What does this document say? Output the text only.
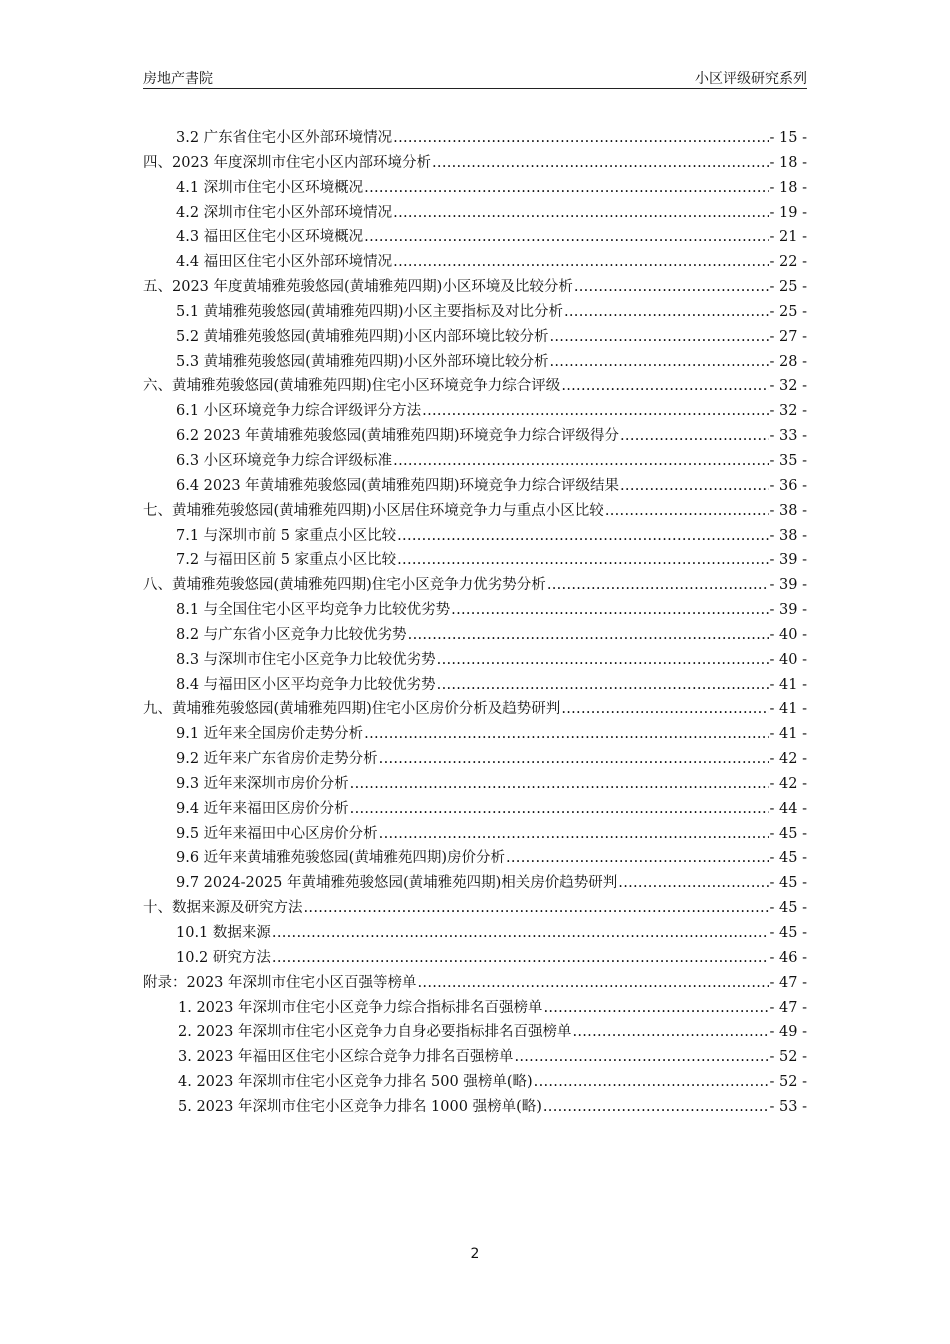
房地产書院	小区评级研究系列
3.2 广东省住宅小区外部环境情况 .....	- 15 -
四、2023 年度深圳市住宅小区内部环境分析 .....	- 18 -
4.1 深圳市住宅小区环境概况 .....	- 18 -
4.2 深圳市住宅小区外部环境情况 .....	- 19 -
4.3 福田区住宅小区环境概况 .....	- 21 -
4.4 福田区住宅小区外部环境情况 .....	- 22 -
五、2023 年度黄埔雅苑骏悠园(黄埔雅苑四期)小区环境及比较分析 .....	- 25 -
5.1 黄埔雅苑骏悠园(黄埔雅苑四期)小区主要指标及对比分析 .....	- 25 -
5.2 黄埔雅苑骏悠园(黄埔雅苑四期)小区内部环境比较分析 .....	- 27 -
5.3 黄埔雅苑骏悠园(黄埔雅苑四期)小区外部环境比较分析 .....	- 28 -
六、黄埔雅苑骏悠园(黄埔雅苑四期)住宅小区环境竞争力综合评级 .....	- 32 -
6.1 小区环境竞争力综合评级评分方法 .....	- 32 -
6.2 2023 年黄埔雅苑骏悠园(黄埔雅苑四期)环境竞争力综合评级得分 .....	- 33 -
6.3 小区环境竞争力综合评级标准 .....	- 35 -
6.4 2023 年黄埔雅苑骏悠园(黄埔雅苑四期)环境竞争力综合评级结果 .....	- 36 -
七、黄埔雅苑骏悠园(黄埔雅苑四期)小区居住环境竞争力与重点小区比较 .....	- 38 -
7.1 与深圳市前 5 家重点小区比较 .....	- 38 -
7.2 与福田区前 5 家重点小区比较 .....	- 39 -
八、黄埔雅苑骏悠园(黄埔雅苑四期)住宅小区竞争力优劣势分析 .....	- 39 -
8.1 与全国住宅小区平均竞争力比较优劣势 .....	- 39 -
8.2 与广东省小区竞争力比较优劣势 .....	- 40 -
8.3 与深圳市住宅小区竞争力比较优劣势 .....	- 40 -
8.4 与福田区小区平均竞争力比较优劣势 .....	- 41 -
九、黄埔雅苑骏悠园(黄埔雅苑四期)住宅小区房价分析及趋势研判 .....	- 41 -
9.1 近年来全国房价走势分析 .....	- 41 -
9.2 近年来广东省房价走势分析 .....	- 42 -
9.3 近年来深圳市房价分析 .....	- 42 -
9.4 近年来福田区房价分析 .....	- 44 -
9.5 近年来福田中心区房价分析 .....	- 45 -
9.6 近年来黄埔雅苑骏悠园(黄埔雅苑四期)房价分析 .....	- 45 -
9.7 2024-2025 年黄埔雅苑骏悠园(黄埔雅苑四期)相关房价趋势研判 .....	- 45 -
十、数据来源及研究方法 .....	- 45 -
10.1 数据来源 .....	- 45 -
10.2 研究方法 .....	- 46 -
附录：2023 年深圳市住宅小区百强等榜单 .....	- 47 -
1. 2023 年深圳市住宅小区竞争力综合指标排名百强榜单 .....	- 47 -
2. 2023 年深圳市住宅小区竞争力自身必要指标排名百强榜单 .....	- 49 -
3. 2023 年福田区住宅小区综合竞争力排名百强榜单 .....	- 52 -
4. 2023 年深圳市住宅小区竞争力排名 500 强榜单(略) .....	- 52 -
5. 2023 年深圳市住宅小区竞争力排名 1000 强榜单(略) .....	- 53 -
2
